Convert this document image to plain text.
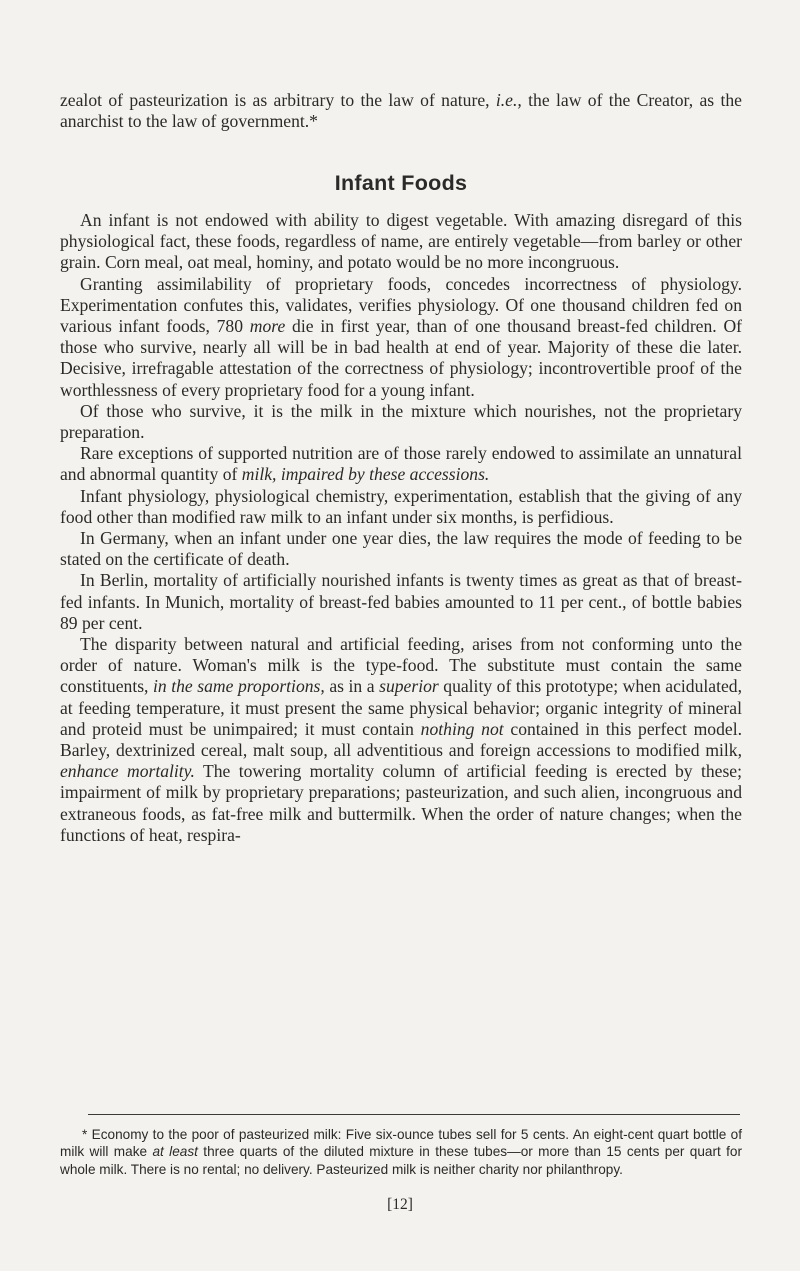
zealot of pasteurization is as arbitrary to the law of nature, i.e., the law of the Creator, as the anarchist to the law of government.*

Infant Foods

An infant is not endowed with ability to digest vegetable. With amazing disregard of this physiological fact, these foods, regardless of name, are entirely vegetable—from barley or other grain. Corn meal, oat meal, hominy, and potato would be no more incongruous.

Granting assimilability of proprietary foods, concedes incorrectness of physiology. Experimentation confutes this, validates, verifies physiology. Of one thousand children fed on various infant foods, 780 more die in first year, than of one thousand breast-fed children. Of those who survive, nearly all will be in bad health at end of year. Majority of these die later. Decisive, irrefragable attestation of the correctness of physiology; incontrovertible proof of the worthlessness of every proprietary food for a young infant.

Of those who survive, it is the milk in the mixture which nourishes, not the proprietary preparation.

Rare exceptions of supported nutrition are of those rarely endowed to assimilate an unnatural and abnormal quantity of milk, impaired by these accessions.

Infant physiology, physiological chemistry, experimentation, establish that the giving of any food other than modified raw milk to an infant under six months, is perfidious.

In Germany, when an infant under one year dies, the law requires the mode of feeding to be stated on the certificate of death.

In Berlin, mortality of artificially nourished infants is twenty times as great as that of breast-fed infants. In Munich, mortality of breast-fed babies amounted to 11 per cent., of bottle babies 89 per cent.

The disparity between natural and artificial feeding, arises from not conforming unto the order of nature. Woman's milk is the type-food. The substitute must contain the same constituents, in the same proportions, as in a superior quality of this prototype; when acidulated, at feeding temperature, it must present the same physical behavior; organic integrity of mineral and proteid must be unimpaired; it must contain nothing not contained in this perfect model. Barley, dextrinized cereal, malt soup, all adventitious and foreign accessions to modified milk, enhance mortality. The towering mortality column of artificial feeding is erected by these; impairment of milk by proprietary preparations; pasteurization, and such alien, incongruous and extraneous foods, as fat-free milk and buttermilk. When the order of nature changes; when the functions of heat, respira-

* Economy to the poor of pasteurized milk: Five six-ounce tubes sell for 5 cents. An eight-cent quart bottle of milk will make at least three quarts of the diluted mixture in these tubes—or more than 15 cents per quart for whole milk. There is no rental; no delivery. Pasteurized milk is neither charity nor philanthropy.

[12]
